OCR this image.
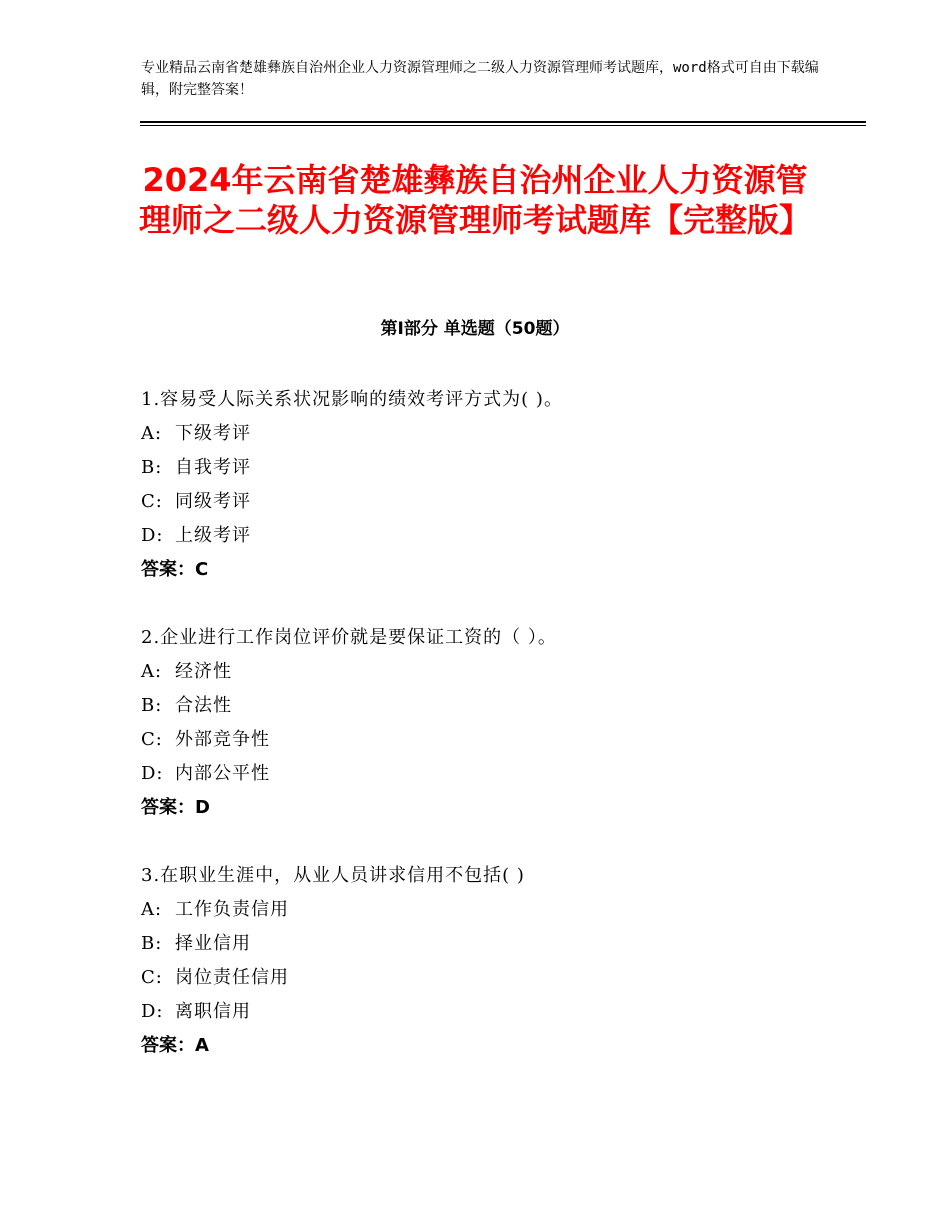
专业精品云南省楚雄彝族自治州企业人力资源管理师之二级人力资源管理师考试题库，word格式可自由下载编辑，附完整答案！
2024年云南省楚雄彝族自治州企业人力资源管理师之二级人力资源管理师考试题库【完整版】
第Ⅰ部分 单选题（50题）
1.容易受人际关系状况影响的绩效考评方式为( )。
A: 下级考评
B: 自我考评
C: 同级考评
D: 上级考评
答案：C
2.企业进行工作岗位评价就是要保证工资的（ ）。
A: 经济性
B: 合法性
C: 外部竞争性
D: 内部公平性
答案：D
3.在职业生涯中，从业人员讲求信用不包括( )
A: 工作负责信用
B: 择业信用
C: 岗位责任信用
D: 离职信用
答案：A
